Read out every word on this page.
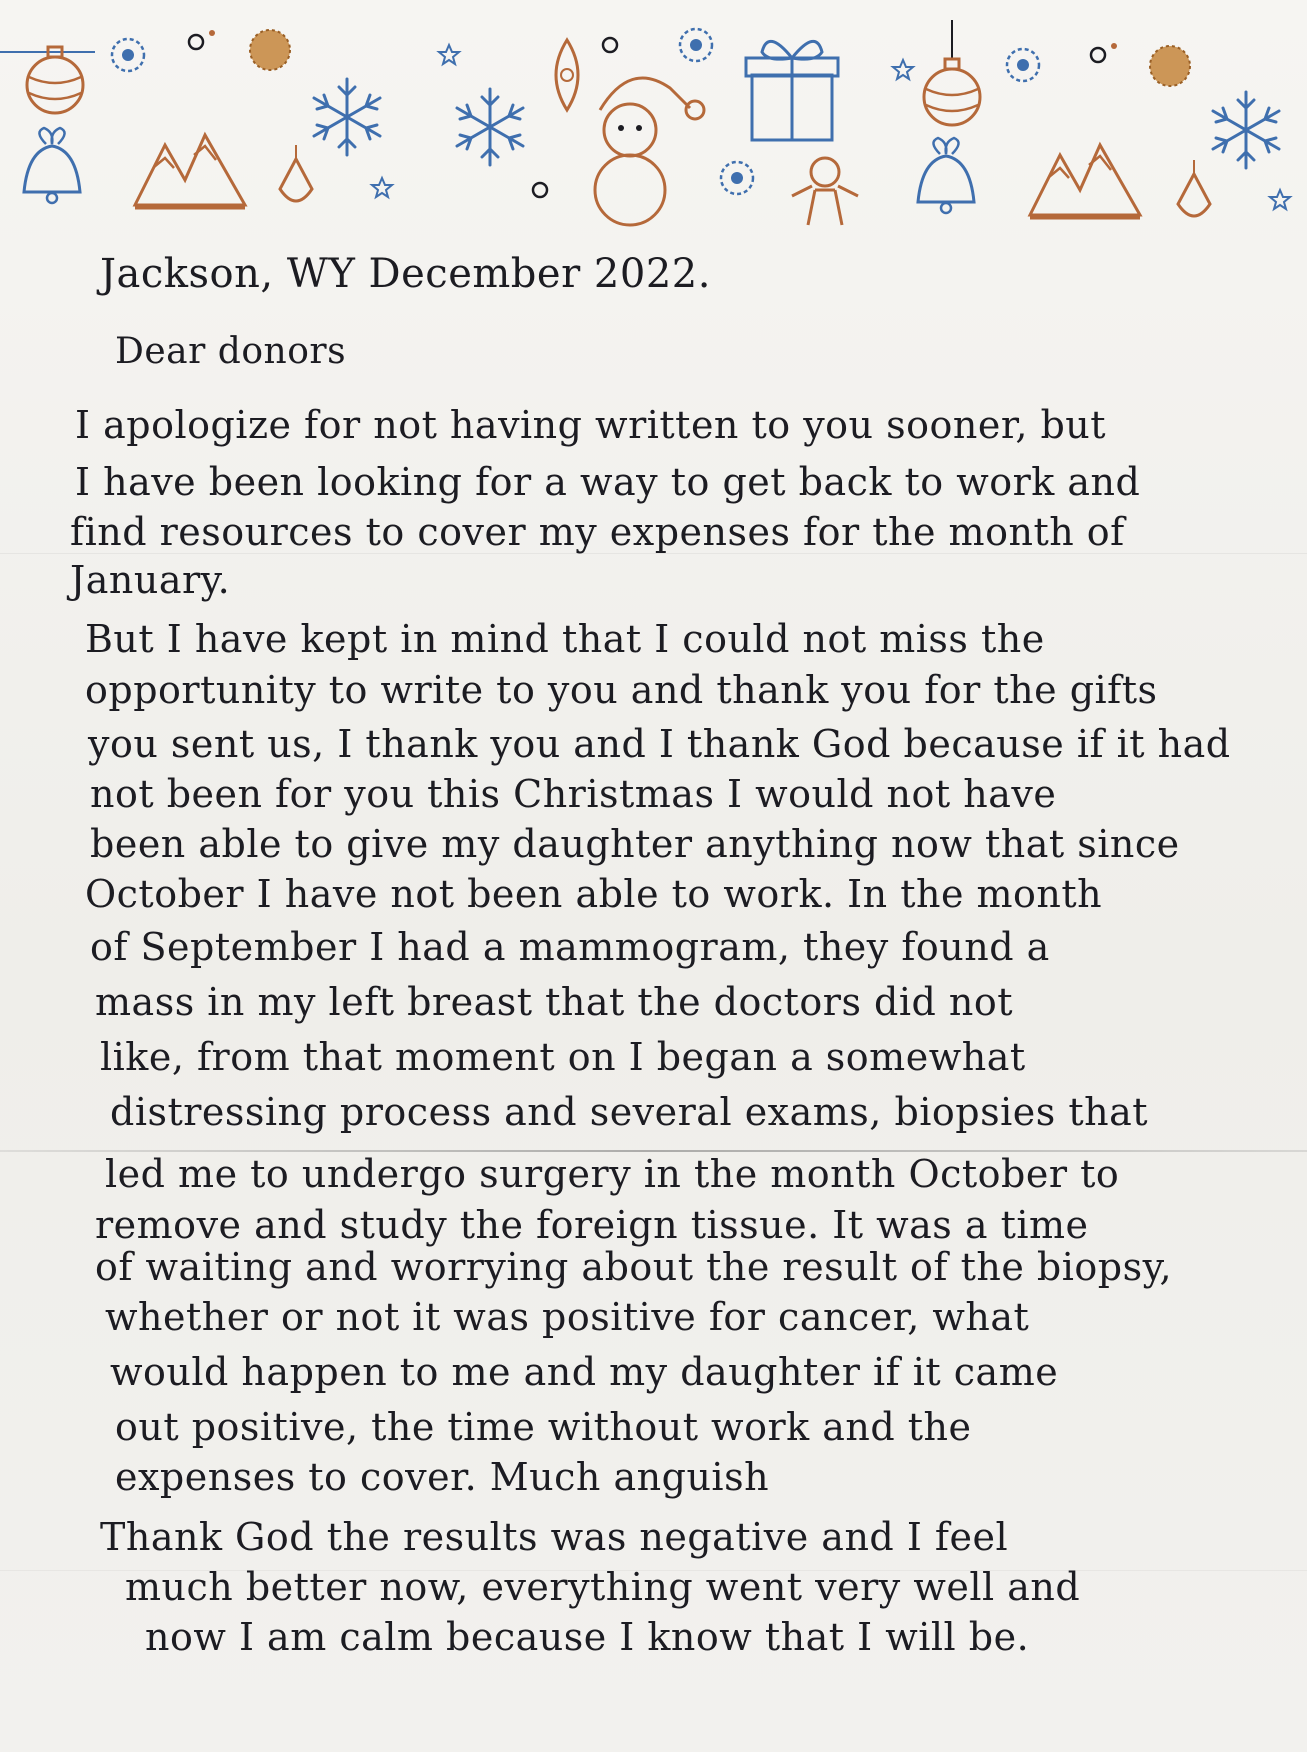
Jackson, WY December 2022.

Dear donors

I apologize for not having written to you sooner, but

I have been looking for a way to get back to work and

find resources to cover my expenses for the month of

January.

But I have kept in mind that I could not miss the

opportunity to write to you and thank you for the gifts

you sent us, I thank you and I thank God because if it had

not been for you this Christmas I would not have

been able to give my daughter anything now that since

October I have not been able to work. In the month

of September I had a mammogram, they found a

mass in my left breast that the doctors did not

like, from that moment on I began a somewhat

distressing process and several exams, biopsies that

led me to undergo surgery in the month October to

remove and study the foreign tissue. It was a time

of waiting and worrying about the result of the biopsy,

whether or not it was positive for cancer, what

would happen to me and my daughter if it came

out positive, the time without work and the

expenses to cover. Much anguish

Thank God the results was negative and I feel

much better now, everything went very well and

now I am calm because I know that I will be.
